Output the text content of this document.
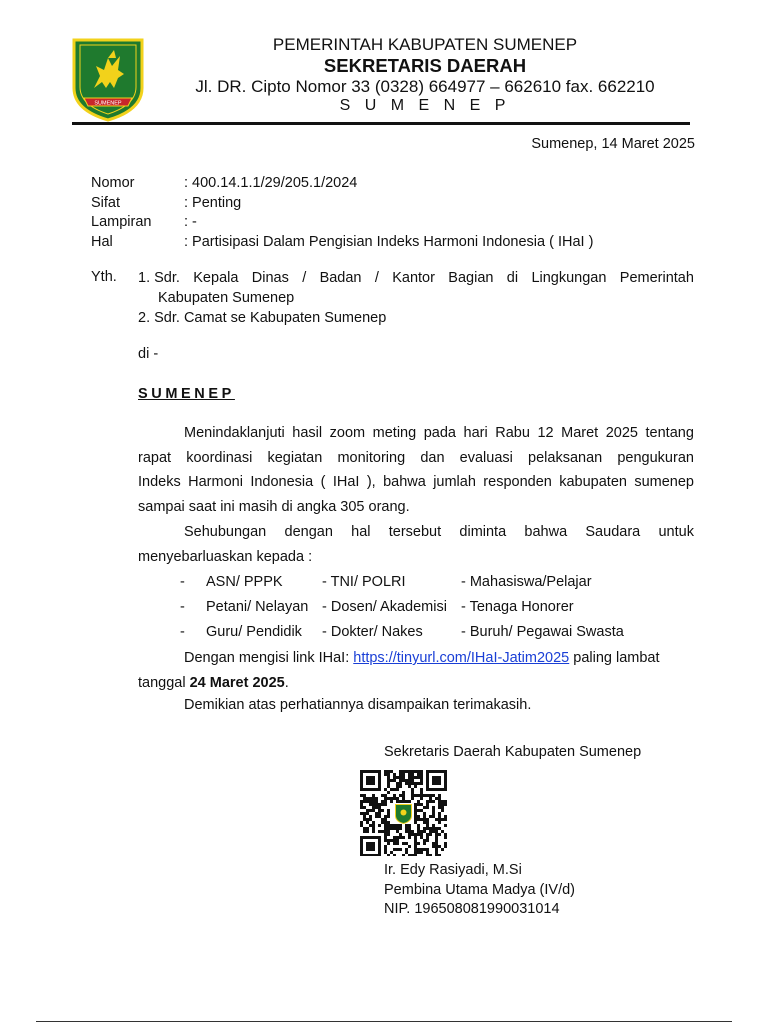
SUMENEP
PEMERINTAH KABUPATEN SUMENEP
SEKRETARIS DAERAH
Jl. DR. Cipto Nomor 33 (0328) 664977 – 662610 fax. 662210
S U M E N E P
Sumenep, 14 Maret 2025
Nomor	: 400.14.1.1/29/205.1/2024
Sifat	: Penting
Lampiran	: -
Hal	: Partisipasi Dalam Pengisian Indeks Harmoni Indonesia ( IHaI )
Yth. 1. Sdr. Kepala Dinas / Badan / Kantor Bagian di Lingkungan Pemerintah
Kabupaten Sumenep
2. Sdr. Camat se Kabupaten Sumenep
di -
SUMENEP
Menindaklanjuti hasil zoom meting pada hari Rabu 12 Maret 2025 tentang
rapat koordinasi kegiatan monitoring dan evaluasi pelaksanan pengukuran
Indeks Harmoni Indonesia ( IHaI ), bahwa jumlah responden kabupaten sumenep
sampai saat ini masih di angka 305 orang.
Sehubungan dengan hal tersebut diminta bahwa Saudara untuk
menyebarluaskan kepada :
- ASN/ PPPK	- TNI/ POLRI	- Mahasiswa/Pelajar
- Petani/ Nelayan - Dosen/ Akademisi - Tenaga Honorer
- Guru/ Pendidik - Dokter/ Nakes	- Buruh/ Pegawai Swasta
Dengan mengisi link IHaI: https://tinyurl.com/IHaI-Jatim2025 paling lambat
tanggal 24 Maret 2025.
Demikian atas perhatiannya disampaikan terimakasih.
Sekretaris Daerah Kabupaten Sumenep
Ir. Edy Rasiyadi, M.Si
Pembina Utama Madya (IV/d)
NIP. 196508081990031014
